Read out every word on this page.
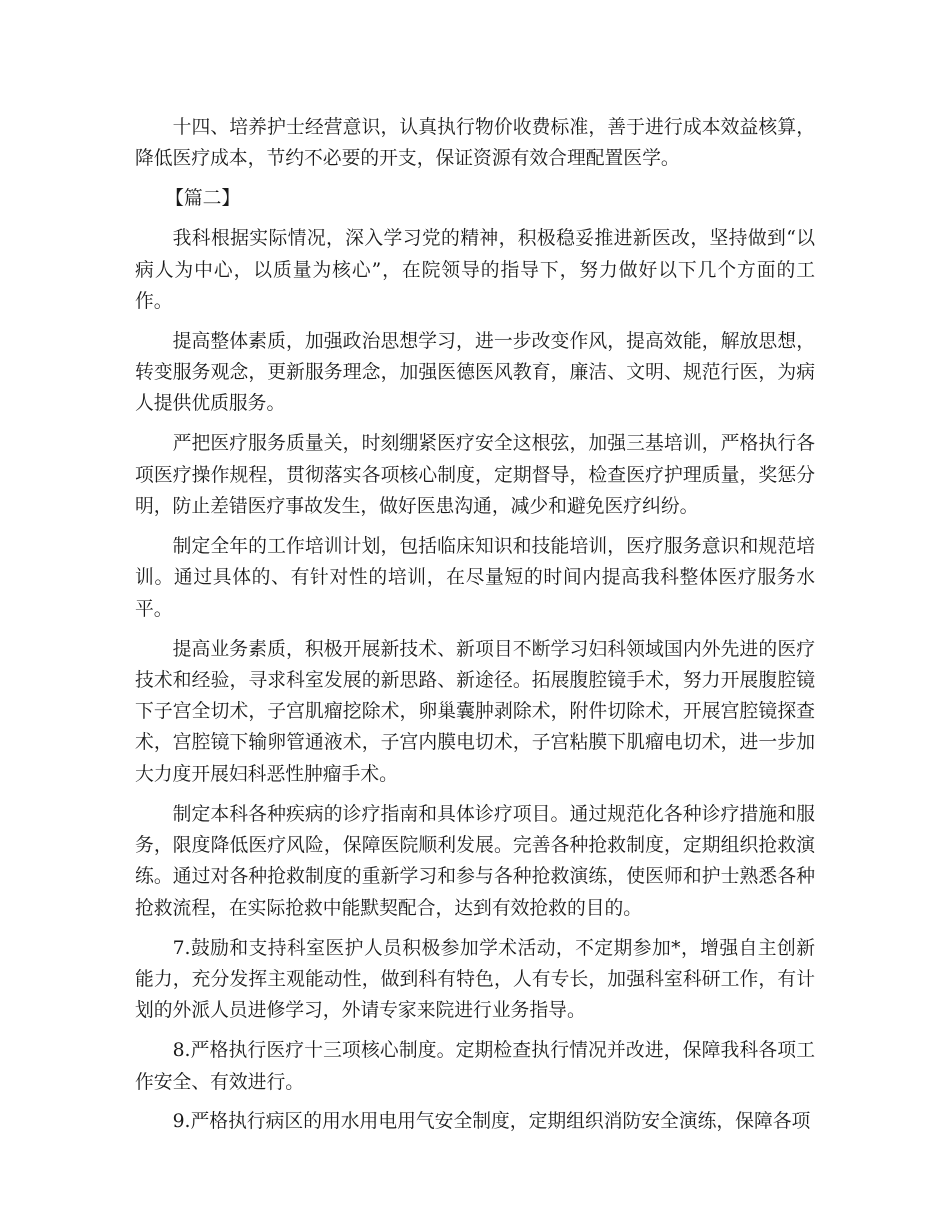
十四、培养护士经营意识，认真执行物价收费标准，善于进行成本效益核算，降低医疗成本，节约不必要的开支，保证资源有效合理配置医学。

【篇二】

我科根据实际情况，深入学习党的精神，积极稳妥推进新医改，坚持做到“以病人为中心，以质量为核心”，在院领导的指导下，努力做好以下几个方面的工作。

提高整体素质，加强政治思想学习，进一步改变作风，提高效能，解放思想，转变服务观念，更新服务理念，加强医德医风教育，廉洁、文明、规范行医，为病人提供优质服务。

严把医疗服务质量关，时刻绷紧医疗安全这根弦，加强三基培训，严格执行各项医疗操作规程，贯彻落实各项核心制度，定期督导，检查医疗护理质量，奖惩分明，防止差错医疗事故发生，做好医患沟通，减少和避免医疗纠纷。

制定全年的工作培训计划，包括临床知识和技能培训，医疗服务意识和规范培训。通过具体的、有针对性的培训，在尽量短的时间内提高我科整体医疗服务水平。

提高业务素质，积极开展新技术、新项目不断学习妇科领域国内外先进的医疗技术和经验，寻求科室发展的新思路、新途径。拓展腹腔镜手术，努力开展腹腔镜下子宫全切术，子宫肌瘤挖除术，卵巢囊肿剥除术，附件切除术，开展宫腔镜探查术，宫腔镜下输卵管通液术，子宫内膜电切术，子宫粘膜下肌瘤电切术，进一步加大力度开展妇科恶性肿瘤手术。

制定本科各种疾病的诊疗指南和具体诊疗项目。通过规范化各种诊疗措施和服务，限度降低医疗风险，保障医院顺利发展。完善各种抢救制度，定期组织抢救演练。通过对各种抢救制度的重新学习和参与各种抢救演练，使医师和护士熟悉各种抢救流程，在实际抢救中能默契配合，达到有效抢救的目的。

7.鼓励和支持科室医护人员积极参加学术活动，不定期参加*，增强自主创新能力，充分发挥主观能动性，做到科有特色，人有专长，加强科室科研工作，有计划的外派人员进修学习，外请专家来院进行业务指导。

8.严格执行医疗十三项核心制度。定期检查执行情况并改进，保障我科各项工作安全、有效进行。

9.严格执行病区的用水用电用气安全制度，定期组织消防安全演练，保障各项
